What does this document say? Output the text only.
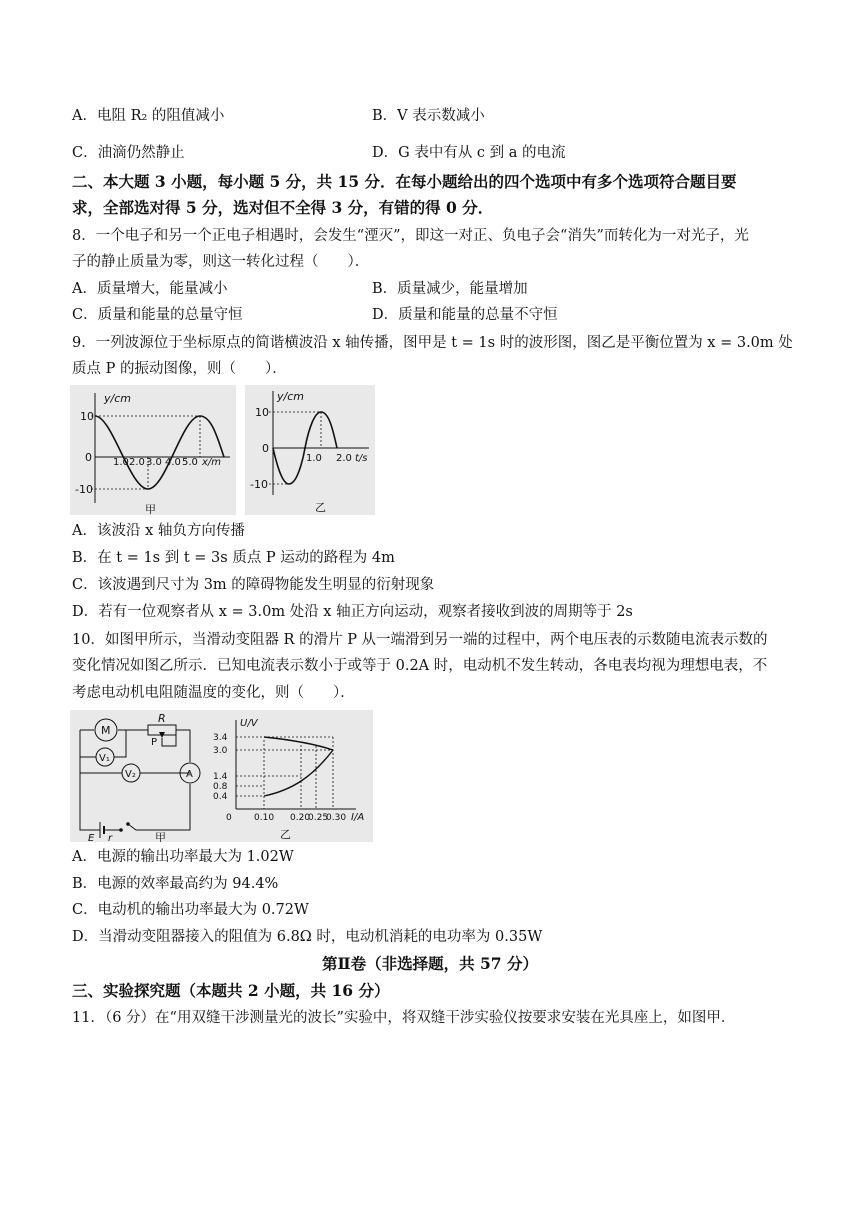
A．电阻 R₂ 的阻值减小	B．V 表示数减小
C．油滴仍然静止	D．G 表中有从 c 到 a 的电流
二、本大题 3 小题，每小题 5 分，共 15 分．在每小题给出的四个选项中有多个选项符合题目要
求，全部选对得 5 分，选对但不全得 3 分，有错的得 0 分．
8．一个电子和另一个正电子相遇时，会发生“湮灭”，即这一对正、负电子会“消失”而转化为一对光子，光
子的静止质量为零，则这一转化过程（　　）．
A．质量增大，能量减小	B．质量减少，能量增加
C．质量和能量的总量守恒	D．质量和能量的总量不守恒
9．一列波源位于坐标原点的简谐横波沿 x 轴传播，图甲是 t = 1s 时的波形图，图乙是平衡位置为 x = 3.0m 处
质点 P 的振动图像，则（　　）．
y/cm
10
0
-10
1.0 2.0 3.0 4.0 5.0 x/m
甲
y/cm
10
0
-10
1.0 2.0 t/s
乙
A．该波沿 x 轴负方向传播
B．在 t = 1s 到 t = 3s 质点 P 运动的路程为 4m
C．该波遇到尺寸为 3m 的障碍物能发生明显的衍射现象
D．若有一位观察者从 x = 3.0m 处沿 x 轴正方向运动，观察者接收到波的周期等于 2s
10．如图甲所示，当滑动变阻器 R 的滑片 P 从一端滑到另一端的过程中，两个电压表的示数随电流表示数的
变化情况如图乙所示．已知电流表示数小于或等于 0.2A 时，电动机不发生转动，各电表均视为理想电表，不
考虑电动机电阻随温度的变化，则（　　）．
M
R
P
V₁
V₂	A
E r	甲
U/V
3.4
3.0
1.4
0.8
0.4
0 0.10 0.20
0.25
0.30 I/A
乙
A．电源的输出功率最大为 1.02W
B．电源的效率最高约为 94.4%
C．电动机的输出功率最大为 0.72W
D．当滑动变阻器接入的阻值为 6.8Ω 时，电动机消耗的电功率为 0.35W
第Ⅱ卷（非选择题，共 57 分）
三、实验探究题（本题共 2 小题，共 16 分）
11．（6 分）在“用双缝干涉测量光的波长”实验中，将双缝干涉实验仪按要求安装在光具座上，如图甲．
